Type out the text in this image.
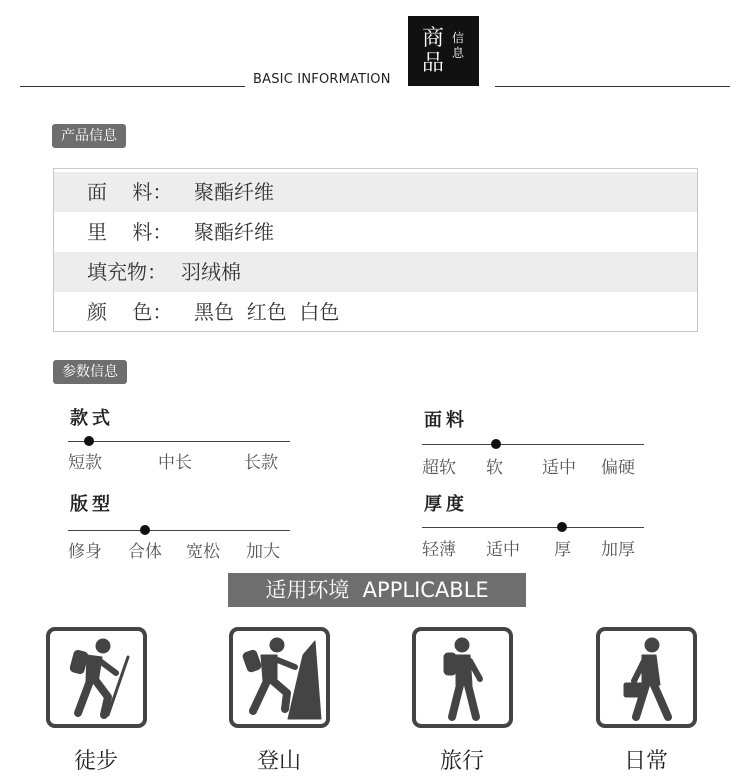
BASIC INFORMATION
商
品
信
息
产品信息
面    料： 聚酯纤维
里    料： 聚酯纤维
填充物： 羽绒棉
颜    色： 黑色  红色  白色
参数信息
款式
短款	中长	长款
面料
超软 软 适中 偏硬
版型
修身 合体 宽松 加大
厚度
轻薄 适中 厚 加厚
适用环境  APPLICABLE
徒步	登山	旅行	日常
